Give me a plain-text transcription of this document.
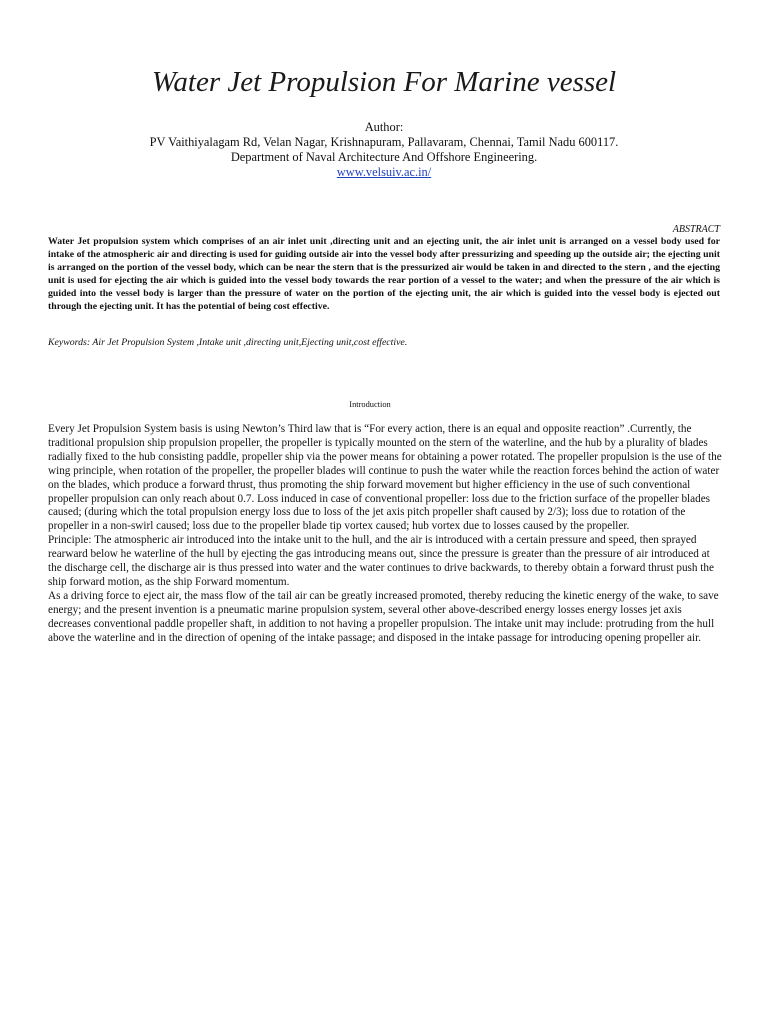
Water Jet Propulsion For Marine vessel
Author:
PV Vaithiyalagam Rd, Velan Nagar, Krishnapuram, Pallavaram, Chennai, Tamil Nadu 600117.
Department of Naval Architecture And Offshore Engineering.
www.velsuiv.ac.in/
ABSTRACT
Water Jet propulsion system which comprises of an air inlet unit ,directing unit and an ejecting unit, the air inlet unit is arranged on a vessel body used for intake of the atmospheric air and directing is used for guiding outside air into the vessel body after pressurizing and speeding up the outside air; the ejecting unit is arranged on the portion of the vessel body, which can be near the stern that is the pressurized air would be taken in and directed to the stern , and the ejecting unit is used for ejecting the air which is guided into the vessel body towards the rear portion of a vessel to the water; and when the pressure of the air which is guided into the vessel body is larger than the pressure of water on the portion of the ejecting unit, the air which is guided into the vessel body is ejected out through the ejecting unit. It has the potential of being cost effective.
Keywords: Air Jet Propulsion System ,Intake unit ,directing unit,Ejecting unit,cost effective.
Introduction

Every Jet Propulsion System basis is using Newton’s Third law that is “For every action, there is an equal and opposite reaction” .Currently, the traditional propulsion ship propulsion propeller, the propeller is typically mounted on the stern of the waterline, and the hub by a plurality of blades radially fixed to the hub consisting paddle, propeller ship via the power means for obtaining a power rotated. The propeller propulsion is the use of the wing principle, when rotation of the propeller, the propeller blades will continue to push the water while the reaction forces behind the action of water on the blades, which produce a forward thrust, thus promoting the ship forward movement but higher efficiency in the use of such conventional propeller propulsion can only reach about 0.7. Loss induced in case of conventional propeller: loss due to the friction surface of the propeller blades caused; (during which the total propulsion energy loss due to loss of the jet axis pitch propeller shaft caused by 2/3); loss due to rotation of the propeller in a non-swirl caused; loss due to the propeller blade tip vortex caused; hub vortex due to losses caused by the propeller.

Principle: The atmospheric air introduced into the intake unit to the hull, and the air is introduced with a certain pressure and speed, then sprayed rearward below he waterline of the hull by ejecting the gas introducing means out, since the pressure is greater than the pressure of air introduced at the discharge cell, the discharge air is thus pressed into water and the water continues to drive backwards, to thereby obtain a forward thrust push the ship forward motion, as the ship Forward momentum.

As a driving force to eject air, the mass flow of the tail air can be greatly increased promoted, thereby reducing the kinetic energy of the wake, to save energy; and the present invention is a pneumatic marine propulsion system, several other above-described energy losses energy losses jet axis decreases conventional paddle propeller shaft, in addition to not having a propeller propulsion. The intake unit may include: protruding from the hull above the waterline and in the direction of opening of the intake passage; and disposed in the intake passage for introducing opening propeller air.
